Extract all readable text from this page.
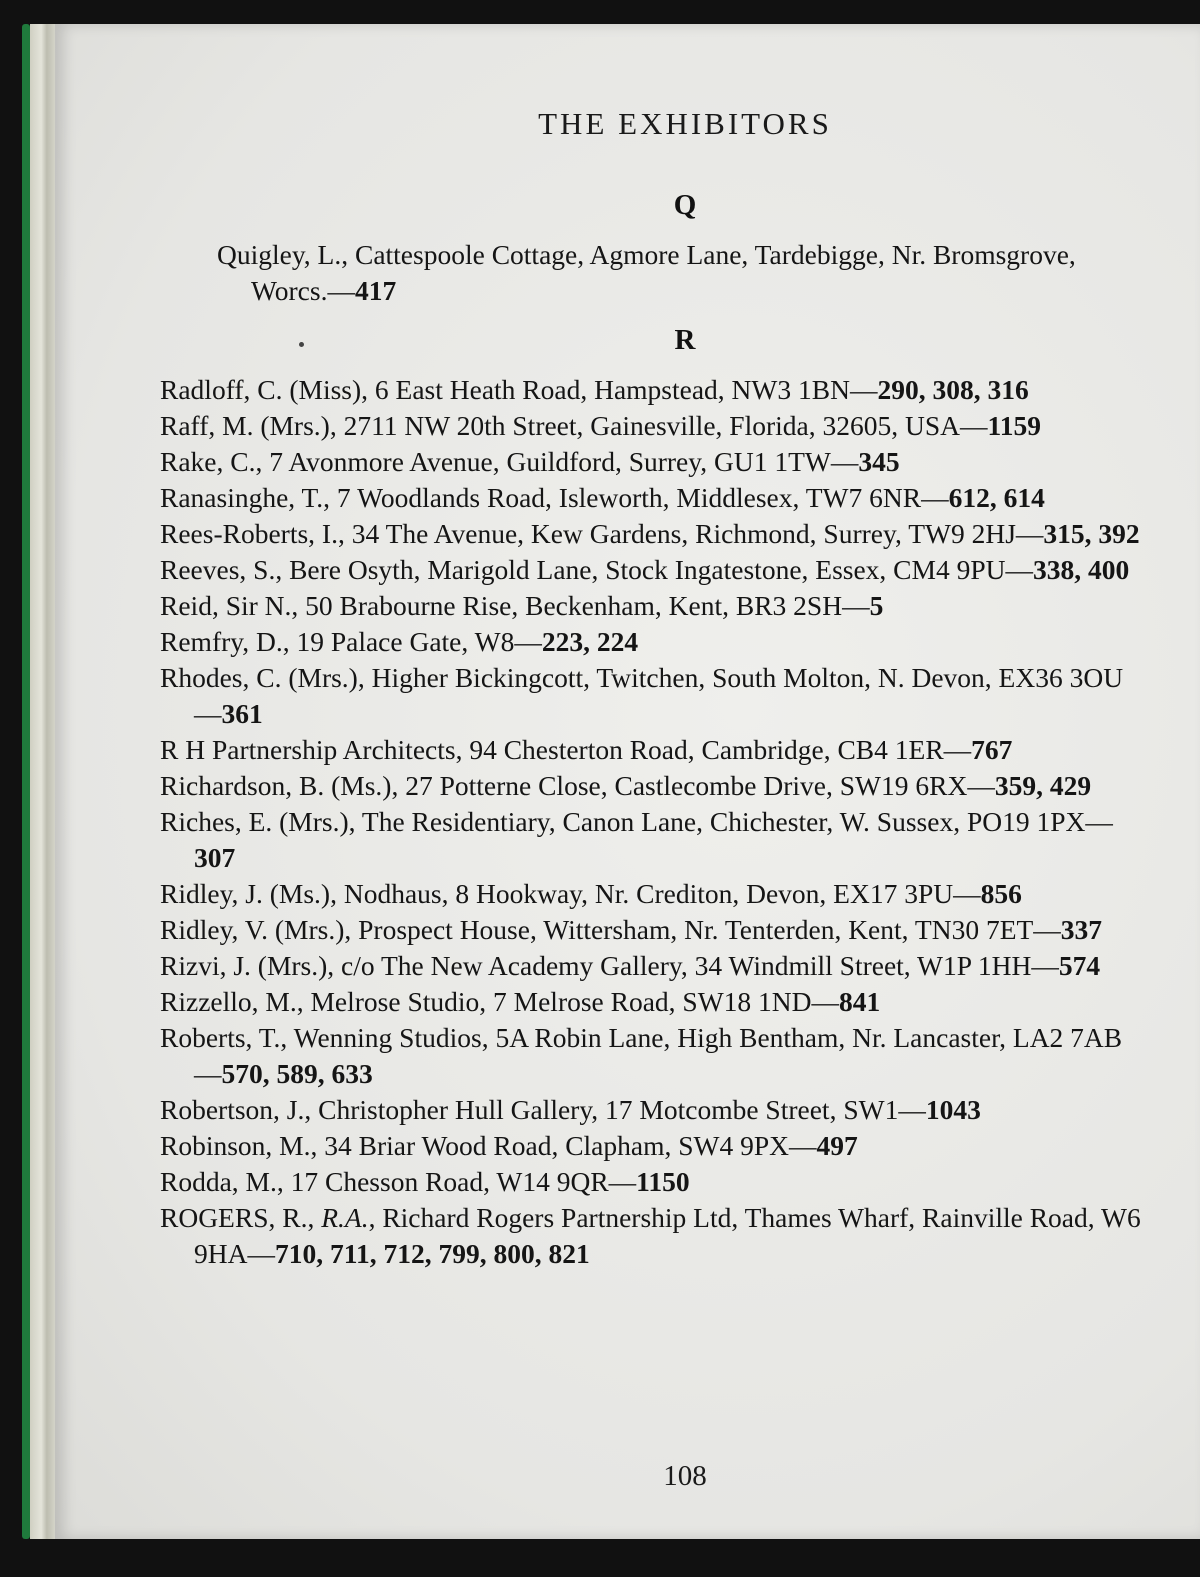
THE EXHIBITORS
Q
Quigley, L., Cattespoole Cottage, Agmore Lane, Tardebigge, Nr. Bromsgrove, Worcs.—417
R
Radloff, C. (Miss), 6 East Heath Road, Hampstead, NW3 1BN—290, 308, 316
Raff, M. (Mrs.), 2711 NW 20th Street, Gainesville, Florida, 32605, USA—1159
Rake, C., 7 Avonmore Avenue, Guildford, Surrey, GU1 1TW—345
Ranasinghe, T., 7 Woodlands Road, Isleworth, Middlesex, TW7 6NR—612, 614
Rees-Roberts, I., 34 The Avenue, Kew Gardens, Richmond, Surrey, TW9 2HJ—315, 392
Reeves, S., Bere Osyth, Marigold Lane, Stock Ingatestone, Essex, CM4 9PU—338, 400
Reid, Sir N., 50 Brabourne Rise, Beckenham, Kent, BR3 2SH—5
Remfry, D., 19 Palace Gate, W8—223, 224
Rhodes, C. (Mrs.), Higher Bickingcott, Twitchen, South Molton, N. Devon, EX36 3OU—361
R H Partnership Architects, 94 Chesterton Road, Cambridge, CB4 1ER—767
Richardson, B. (Ms.), 27 Potterne Close, Castlecombe Drive, SW19 6RX—359, 429
Riches, E. (Mrs.), The Residentiary, Canon Lane, Chichester, W. Sussex, PO19 1PX—307
Ridley, J. (Ms.), Nodhaus, 8 Hookway, Nr. Crediton, Devon, EX17 3PU—856
Ridley, V. (Mrs.), Prospect House, Wittersham, Nr. Tenterden, Kent, TN30 7ET—337
Rizvi, J. (Mrs.), c/o The New Academy Gallery, 34 Windmill Street, W1P 1HH—574
Rizzello, M., Melrose Studio, 7 Melrose Road, SW18 1ND—841
Roberts, T., Wenning Studios, 5A Robin Lane, High Bentham, Nr. Lancaster, LA2 7AB—570, 589, 633
Robertson, J., Christopher Hull Gallery, 17 Motcombe Street, SW1—1043
Robinson, M., 34 Briar Wood Road, Clapham, SW4 9PX—497
Rodda, M., 17 Chesson Road, W14 9QR—1150
ROGERS, R., R.A., Richard Rogers Partnership Ltd, Thames Wharf, Rainville Road, W6 9HA—710, 711, 712, 799, 800, 821
108
